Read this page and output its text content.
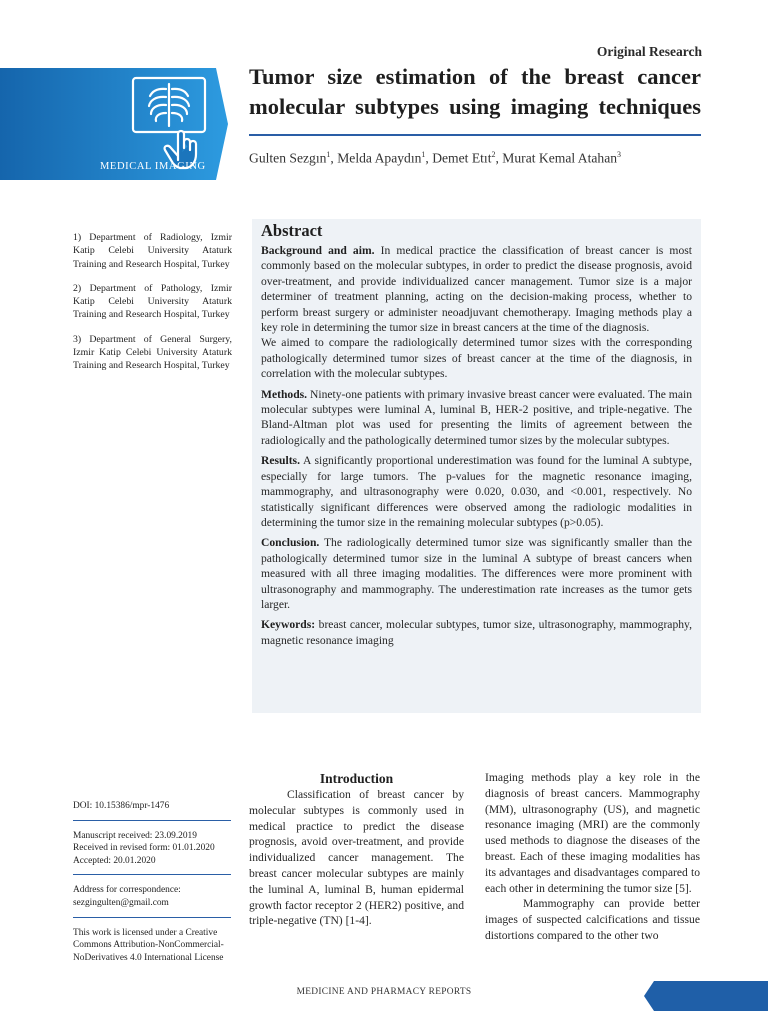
Original Research
MEDICAL IMAGING
Tumor size estimation of the breast cancer molecular subtypes using imaging techniques
Gulten Sezgın$^1$, Melda Apaydın$^1$, Demet Etıt$^2$, Murat Kemal Atahan$^3$
1) Department of Radiology, Izmir Katip Celebi University Ataturk Training and Research Hospital, Turkey
2) Department of Pathology, Izmir Katip Celebi University Ataturk Training and Research Hospital, Turkey
3) Department of General Surgery, Izmir Katip Celebi University Ataturk Training and Research Hospital, Turkey
Abstract

Background and aim. In medical practice the classification of breast cancer is most commonly based on the molecular subtypes, in order to predict the disease prognosis, avoid over-treatment, and provide individualized cancer management. Tumor size is a major determiner of treatment planning, acting on the decision-making process, whether to perform breast surgery or administer neoadjuvant chemotherapy. Imaging methods play a key role in determining the tumor size in breast cancers at the time of the diagnosis.

We aimed to compare the radiologically determined tumor sizes with the corresponding pathologically determined tumor sizes of breast cancer at the time of the diagnosis, in correlation with the molecular subtypes.

Methods. Ninety-one patients with primary invasive breast cancer were evaluated. The main molecular subtypes were luminal A, luminal B, HER-2 positive, and triple-negative. The Bland-Altman plot was used for presenting the limits of agreement between the radiologically and the pathologically determined tumor sizes by the molecular subtypes.

Results. A significantly proportional underestimation was found for the luminal A subtype, especially for large tumors. The p-values for the magnetic resonance imaging, mammography, and ultrasonography were 0.020, 0.030, and <0.001, respectively. No statistically significant differences were observed among the radiologic modalities in determining the tumor size in the remaining molecular subtypes (p>0.05).

Conclusion. The radiologically determined tumor size was significantly smaller than the pathologically determined tumor size in the luminal A subtype of breast cancers when measured with all three imaging modalities. The differences were more prominent with ultrasonography and mammography. The underestimation rate increases as the tumor gets larger.

Keywords: breast cancer, molecular subtypes, tumor size, ultrasonography, mammography, magnetic resonance imaging

DOI: 10.15386/mpr-1476
Manuscript received: 23.09.2019
Received in revised form: 01.01.2020
Accepted: 20.01.2020
Address for correspondence:
sezgingulten@gmail.com
This work is licensed under a Creative Commons Attribution-NonCommercial-NoDerivatives 4.0 International License
Introduction

Classification of breast cancer by molecular subtypes is commonly used in medical practice to predict the disease prognosis, avoid over-treatment, and provide individualized cancer management. The breast cancer molecular subtypes are mainly the luminal A, luminal B, human epidermal growth factor receptor 2 (HER2) positive, and triple-negative (TN) [1-4].

Imaging methods play a key role in the diagnosis of breast cancers. Mammography (MM), ultrasonography (US), and magnetic resonance imaging (MRI) are the commonly used methods to diagnose the diseases of the breast. Each of these imaging modalities has its advantages and disadvantages compared to each other in determining the tumor size [5].

Mammography can provide better images of suspected calcifications and tissue distortions compared to the other two

MEDICINE AND PHARMACY REPORTS
